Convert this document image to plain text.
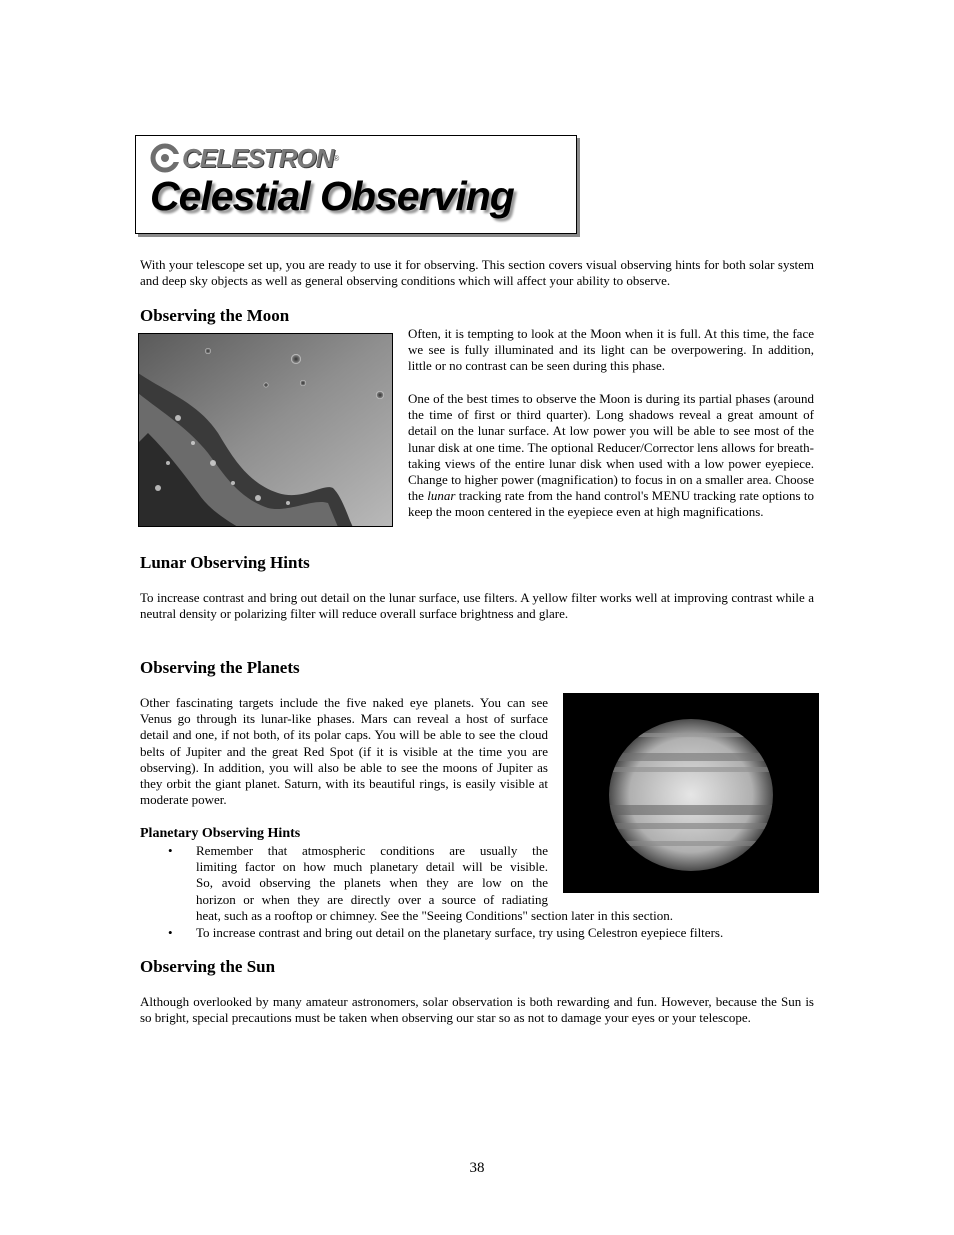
CELESTRON ®
Celestial Observing

With your telescope set up, you are ready to use it for observing. This section covers visual observing hints for both solar system and deep sky objects as well as general observing conditions which will affect your ability to observe.

Observing the Moon

Often, it is tempting to look at the Moon when it is full. At this time, the face we see is fully illuminated and its light can be overpowering. In addition, little or no contrast can be seen during this phase.

One of the best times to observe the Moon is during its partial phases (around the time of first or third quarter). Long shadows reveal a great amount of detail on the lunar surface. At low power you will be able to see most of the lunar disk at one time. The optional Reducer/Corrector lens allows for breath-taking views of the entire lunar disk when used with a low power eyepiece. Change to higher power (magnification) to focus in on a smaller area. Choose the lunar tracking rate from the hand control's MENU tracking rate options to keep the moon centered in the eyepiece even at high magnifications.

Lunar Observing Hints

To increase contrast and bring out detail on the lunar surface, use filters. A yellow filter works well at improving contrast while a neutral density or polarizing filter will reduce overall surface brightness and glare.

Observing the Planets

Other fascinating targets include the five naked eye planets. You can see Venus go through its lunar-like phases. Mars can reveal a host of surface detail and one, if not both, of its polar caps. You will be able to see the cloud belts of Jupiter and the great Red Spot (if it is visible at the time you are observing). In addition, you will also be able to see the moons of Jupiter as they orbit the giant planet. Saturn, with its beautiful rings, is easily visible at moderate power.

Planetary Observing Hints
• Remember that atmospheric conditions are usually the
limiting factor on how much planetary detail will be visible.
So, avoid observing the planets when they are low on the
horizon or when they are directly over a source of radiating
heat, such as a rooftop or chimney. See the "Seeing Conditions" section later in this section.
• To increase contrast and bring out detail on the planetary surface, try using Celestron eyepiece filters.
Observing the Sun

Although overlooked by many amateur astronomers, solar observation is both rewarding and fun. However, because the Sun is so bright, special precautions must be taken when observing our star so as not to damage your eyes or your telescope.

38
